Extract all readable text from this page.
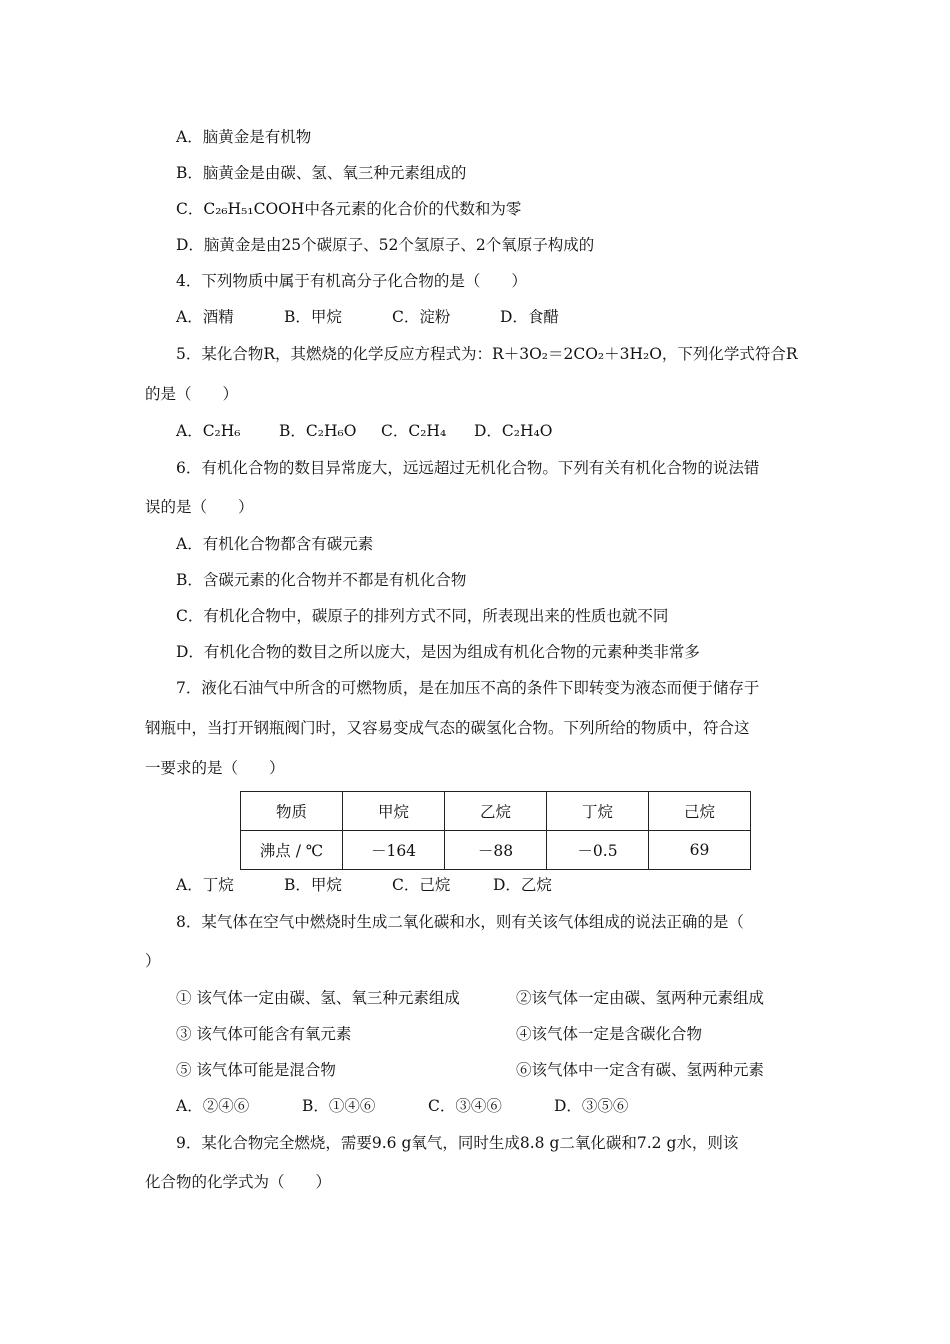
A．脑黄金是有机物
B．脑黄金是由碳、氢、氧三种元素组成的
C．C₂₆H₅₁COOH中各元素的化合价的代数和为零
D．脑黄金是由25个碳原子、52个氢原子、2个氧原子构成的
4．下列物质中属于有机高分子化合物的是（　　）
A．酒精	B．甲烷	C．淀粉	D．食醋
5．某化合物R，其燃烧的化学反应方程式为：R＋3O₂＝2CO₂＋3H₂O，下列化学式符合R
的是（　　）
A．C₂H₆ B．C₂H₆O C．C₂H₄ D．C₂H₄O
6．有机化合物的数目异常庞大，远远超过无机化合物。下列有关有机化合物的说法错
误的是（　　）
A．有机化合物都含有碳元素
B．含碳元素的化合物并不都是有机化合物
C．有机化合物中，碳原子的排列方式不同，所表现出来的性质也就不同
D．有机化合物的数目之所以庞大，是因为组成有机化合物的元素种类非常多
7．液化石油气中所含的可燃物质，是在加压不高的条件下即转变为液态而便于储存于
钢瓶中，当打开钢瓶阀门时，又容易变成气态的碳氢化合物。下列所给的物质中，符合这
一要求的是（　　）
物质	甲烷	乙烷	丁烷	己烷
沸点 / ℃	－164	－88	－0.5	69
A．丁烷	B．甲烷	C．己烷	D．乙烷
8．某气体在空气中燃烧时生成二氧化碳和水，则有关该气体组成的说法正确的是（
）
① 该气体一定由碳、氢、氧三种元素组成	②该气体一定由碳、氢两种元素组成
③ 该气体可能含有氧元素	④该气体一定是含碳化合物
⑤ 该气体可能是混合物	⑥该气体中一定含有碳、氢两种元素
A．②④⑥	B．①④⑥	C．③④⑥	D．③⑤⑥
9．某化合物完全燃烧，需要9.6 g氧气，同时生成8.8 g二氧化碳和7.2 g水，则该
化合物的化学式为（　　）
